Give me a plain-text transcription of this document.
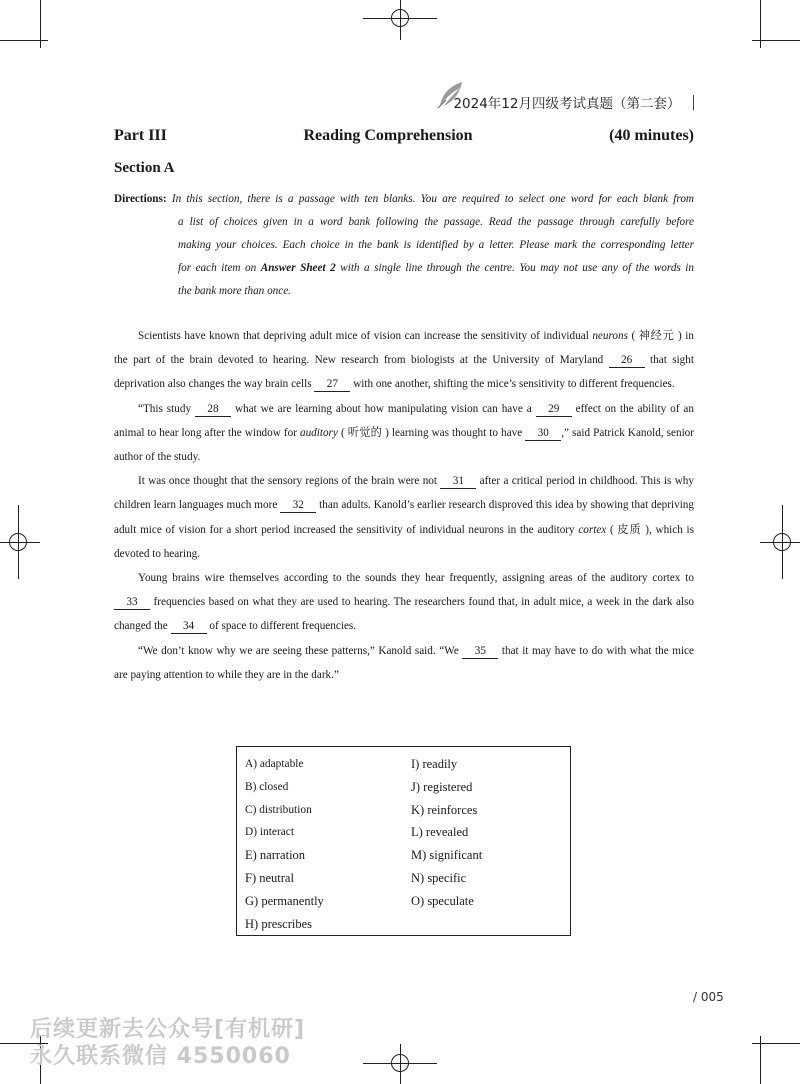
2024年12月四级考试真题（第二套）
Part III	Reading Comprehension	(40 minutes)
Section A
Directions: In this section, there is a passage with ten blanks. You are required to select one word for each blank from
a list of choices given in a word bank following the passage. Read the passage through carefully before
making your choices. Each choice in the bank is identified by a letter. Please mark the corresponding letter
for each item on Answer Sheet 2 with a single line through the centre. You may not use any of the words in
the bank more than once.

Scientists have known that depriving adult mice of vision can increase the sensitivity of individual neurons ( 神经元 ) in the part of the brain devoted to hearing. New research from biologists at the University of Maryland 26 that sight deprivation also changes the way brain cells 27 with one another, shifting the mice’s sensitivity to different frequencies.

“This study 28 what we are learning about how manipulating vision can have a 29 effect on the ability of an animal to hear long after the window for auditory ( 听觉的 ) learning was thought to have 30 ,” said Patrick Kanold, senior author of the study.

It was once thought that the sensory regions of the brain were not 31 after a critical period in childhood. This is why children learn languages much more 32 than adults. Kanold’s earlier research disproved this idea by showing that depriving adult mice of vision for a short period increased the sensitivity of individual neurons in the auditory cortex ( 皮质 ), which is devoted to hearing.

Young brains wire themselves according to the sounds they hear frequently, assigning areas of the auditory cortex to 33 frequencies based on what they are used to hearing. The researchers found that, in adult mice, a week in the dark also changed the 34 of space to different frequencies.

“We don’t know why we are seeing these patterns,” Kanold said. “We 35 that it may have to do with what the mice are paying attention to while they are in the dark.”

A) adaptable
B) closed
C) distribution
D) interact
E) narration
F) neutral
G) permanently
H) prescribes
I) readily
J) registered
K) reinforces
L) revealed
M) significant
N) specific
O) speculate
/ 005
后续更新去公众号[有机研]
永久联系微信 4550060
